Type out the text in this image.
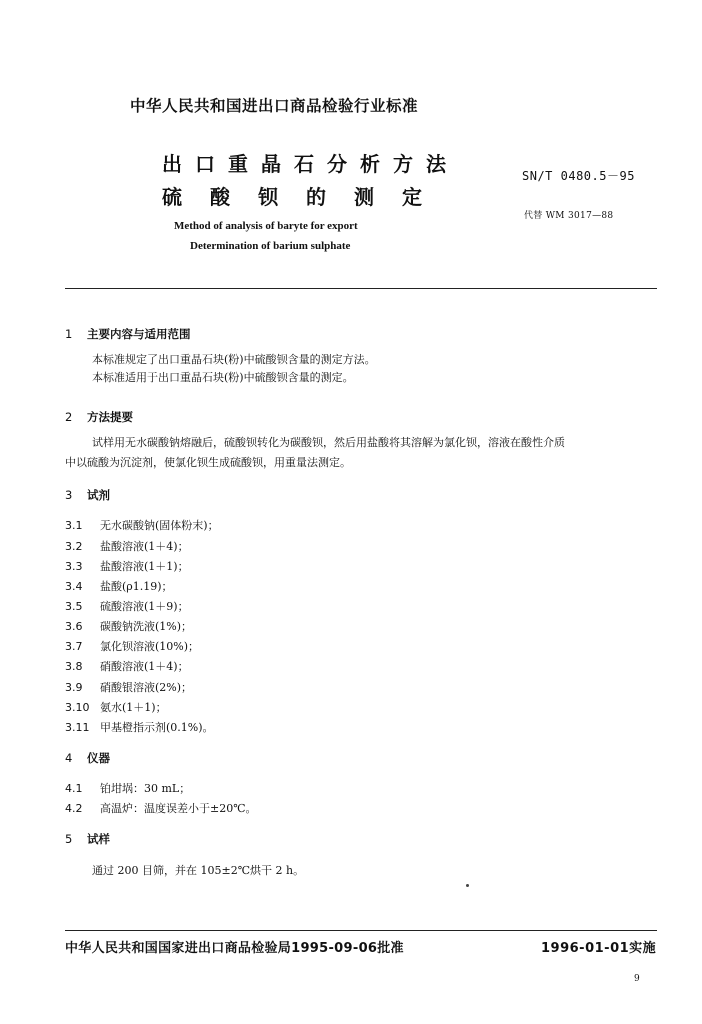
中华人民共和国进出口商品检验行业标准
出口重晶石分析方法
硫酸钡的测定
SN/T 0480.5－95
代替 WM 3017—88
Method of analysis of baryte for export
Determination of barium sulphate
1 主要内容与适用范围
本标准规定了出口重晶石块(粉)中硫酸钡含量的测定方法。
本标准适用于出口重晶石块(粉)中硫酸钡含量的测定。
2 方法提要
试样用无水碳酸钠熔融后，硫酸钡转化为碳酸钡，然后用盐酸将其溶解为氯化钡，溶液在酸性介质
中以硫酸为沉淀剂，使氯化钡生成硫酸钡，用重量法测定。
3 试剂
3.1 无水碳酸钠(固体粉末)；
3.2 盐酸溶液(1＋4)；
3.3 盐酸溶液(1＋1)；
3.4 盐酸(ρ1.19)；
3.5 硫酸溶液(1＋9)；
3.6 碳酸钠洗液(1%)；
3.7 氯化钡溶液(10%)；
3.8 硝酸溶液(1＋4)；
3.9 硝酸银溶液(2%)；
3.10 氨水(1＋1)；
3.11 甲基橙指示剂(0.1%)。
4 仪器
4.1 铂坩埚：30 mL；
4.2 高温炉：温度误差小于±20℃。
5 试样
通过 200 目筛，并在 105±2℃烘干 2 h。
中华人民共和国国家进出口商品检验局1995-09-06批准	1996-01-01实施
9
